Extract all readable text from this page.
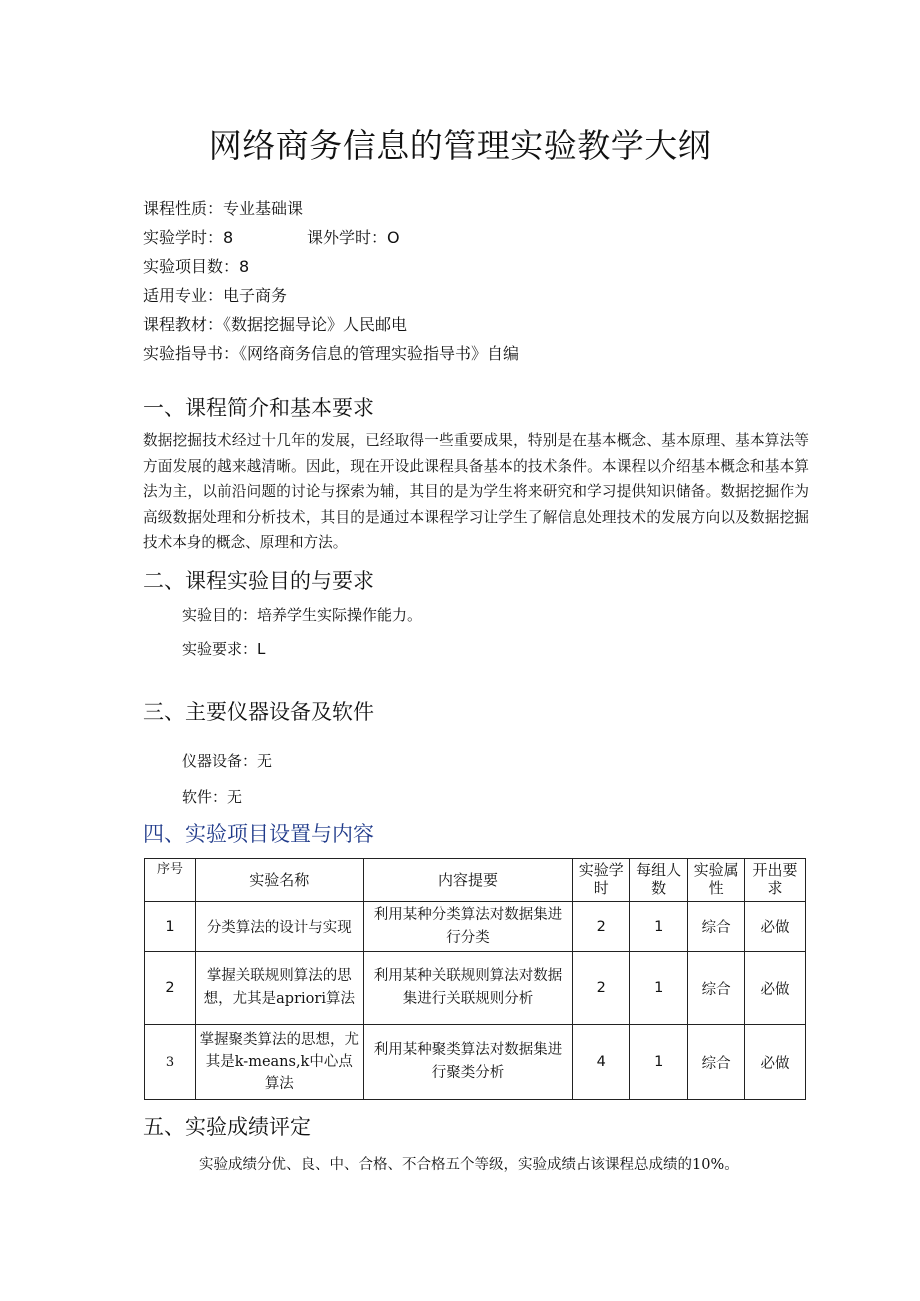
网络商务信息的管理实验教学大纲
课程性质：专业基础课
实验学时：8	课外学时：O
实验项目数：8
适用专业：电子商务
课程教材：《数据挖掘导论》人民邮电
实验指导书：《网络商务信息的管理实验指导书》自编
一、课程简介和基本要求
数据挖掘技术经过十几年的发展，已经取得一些重要成果，特别是在基本概念、基本原理、基本算法等方面发展的越来越清晰。因此，现在开设此课程具备基本的技术条件。本课程以介绍基本概念和基本算法为主，以前沿问题的讨论与探索为辅，其目的是为学生将来研究和学习提供知识储备。数据挖掘作为高级数据处理和分析技术，其目的是通过本课程学习让学生了解信息处理技术的发展方向以及数据挖掘技术本身的概念、原理和方法。
二、课程实验目的与要求
实验目的：培养学生实际操作能力。
实验要求：L
三、主要仪器设备及软件
仪器设备：无
软件：无
四、实验项目设置与内容
序号	实验名称	内容提要	实验学时	每组人数	实验属性	开出要求

1	分类算法的设计与实现	利用某种分类算法对数据集进行分类	2	1	综合	必做
2	掌握关联规则算法的思想，尤其是apriori算法	利用某种关联规则算法对数据集进行关联规则分析	2	1	综合	必做
3	掌握聚类算法的思想，尤其是k-means,k中心点算法	利用某种聚类算法对数据集进行聚类分析	4	1	综合	必做
五、实验成绩评定
实验成绩分优、良、中、合格、不合格五个等级，实验成绩占该课程总成绩的10%。
